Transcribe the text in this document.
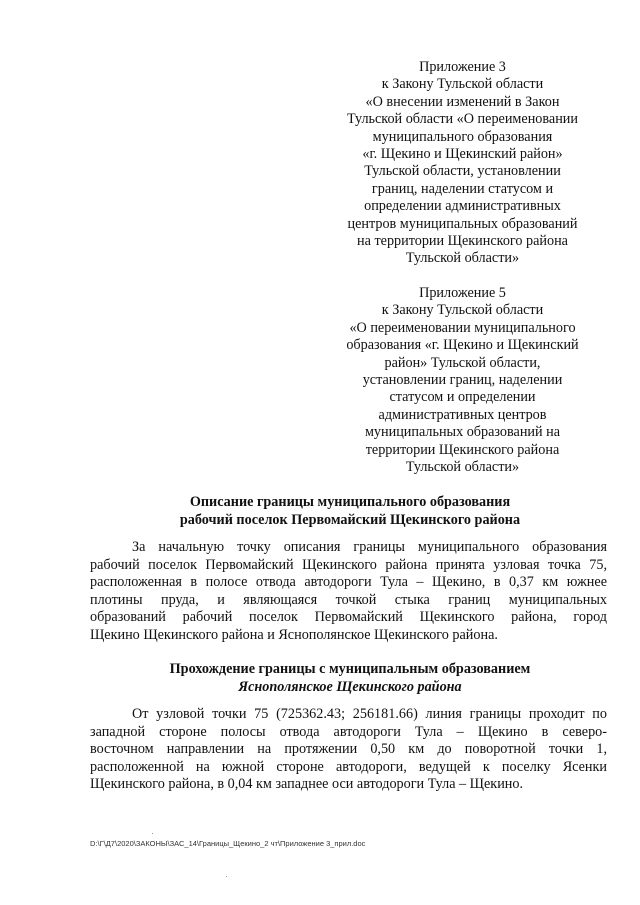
Приложение 3
к Закону Тульской области
«О внесении изменений в Закон
Тульской области «О переименовании
муниципального образования
«г. Щекино и Щекинский район»
Тульской области, установлении
границ, наделении статусом и
определении административных
центров муниципальных образований
на территории Щекинского района
Тульской области»
Приложение 5
к Закону Тульской области
«О переименовании муниципального
образования «г. Щекино и Щекинский
район» Тульской области,
установлении границ, наделении
статусом и определении
административных центров
муниципальных образований на
территории Щекинского района
Тульской области»
Описание границы муниципального образования
рабочий поселок Первомайский Щекинского района
За начальную точку описания границы муниципального образования
рабочий поселок Первомайский Щекинского района принята узловая точка 75,
расположенная в полосе отвода автодороги Тула – Щекино, в 0,37 км южнее
плотины пруда, и являющаяся точкой стыка границ муниципальных
образований рабочий поселок Первомайский Щекинского района, город
Щекино Щекинского района и Яснополянское Щекинского района.
Прохождение границы с муниципальным образованием
Яснополянское Щекинского района
От узловой точки 75 (725362.43; 256181.66) линия границы проходит по
западной стороне полосы отвода автодороги Тула – Щекино в северо-
восточном направлении на протяжении 0,50 км до поворотной точки 1,
расположенной на южной стороне автодороги, ведущей к поселку Ясенки
Щекинского района, в 0,04 км западнее оси автодороги Тула – Щекино.
D:\Г\Д7\2020\ЗАКОНЫ\ЗАС_14\Границы_Щекино_2 чт\Приложение 3_прил.doc
